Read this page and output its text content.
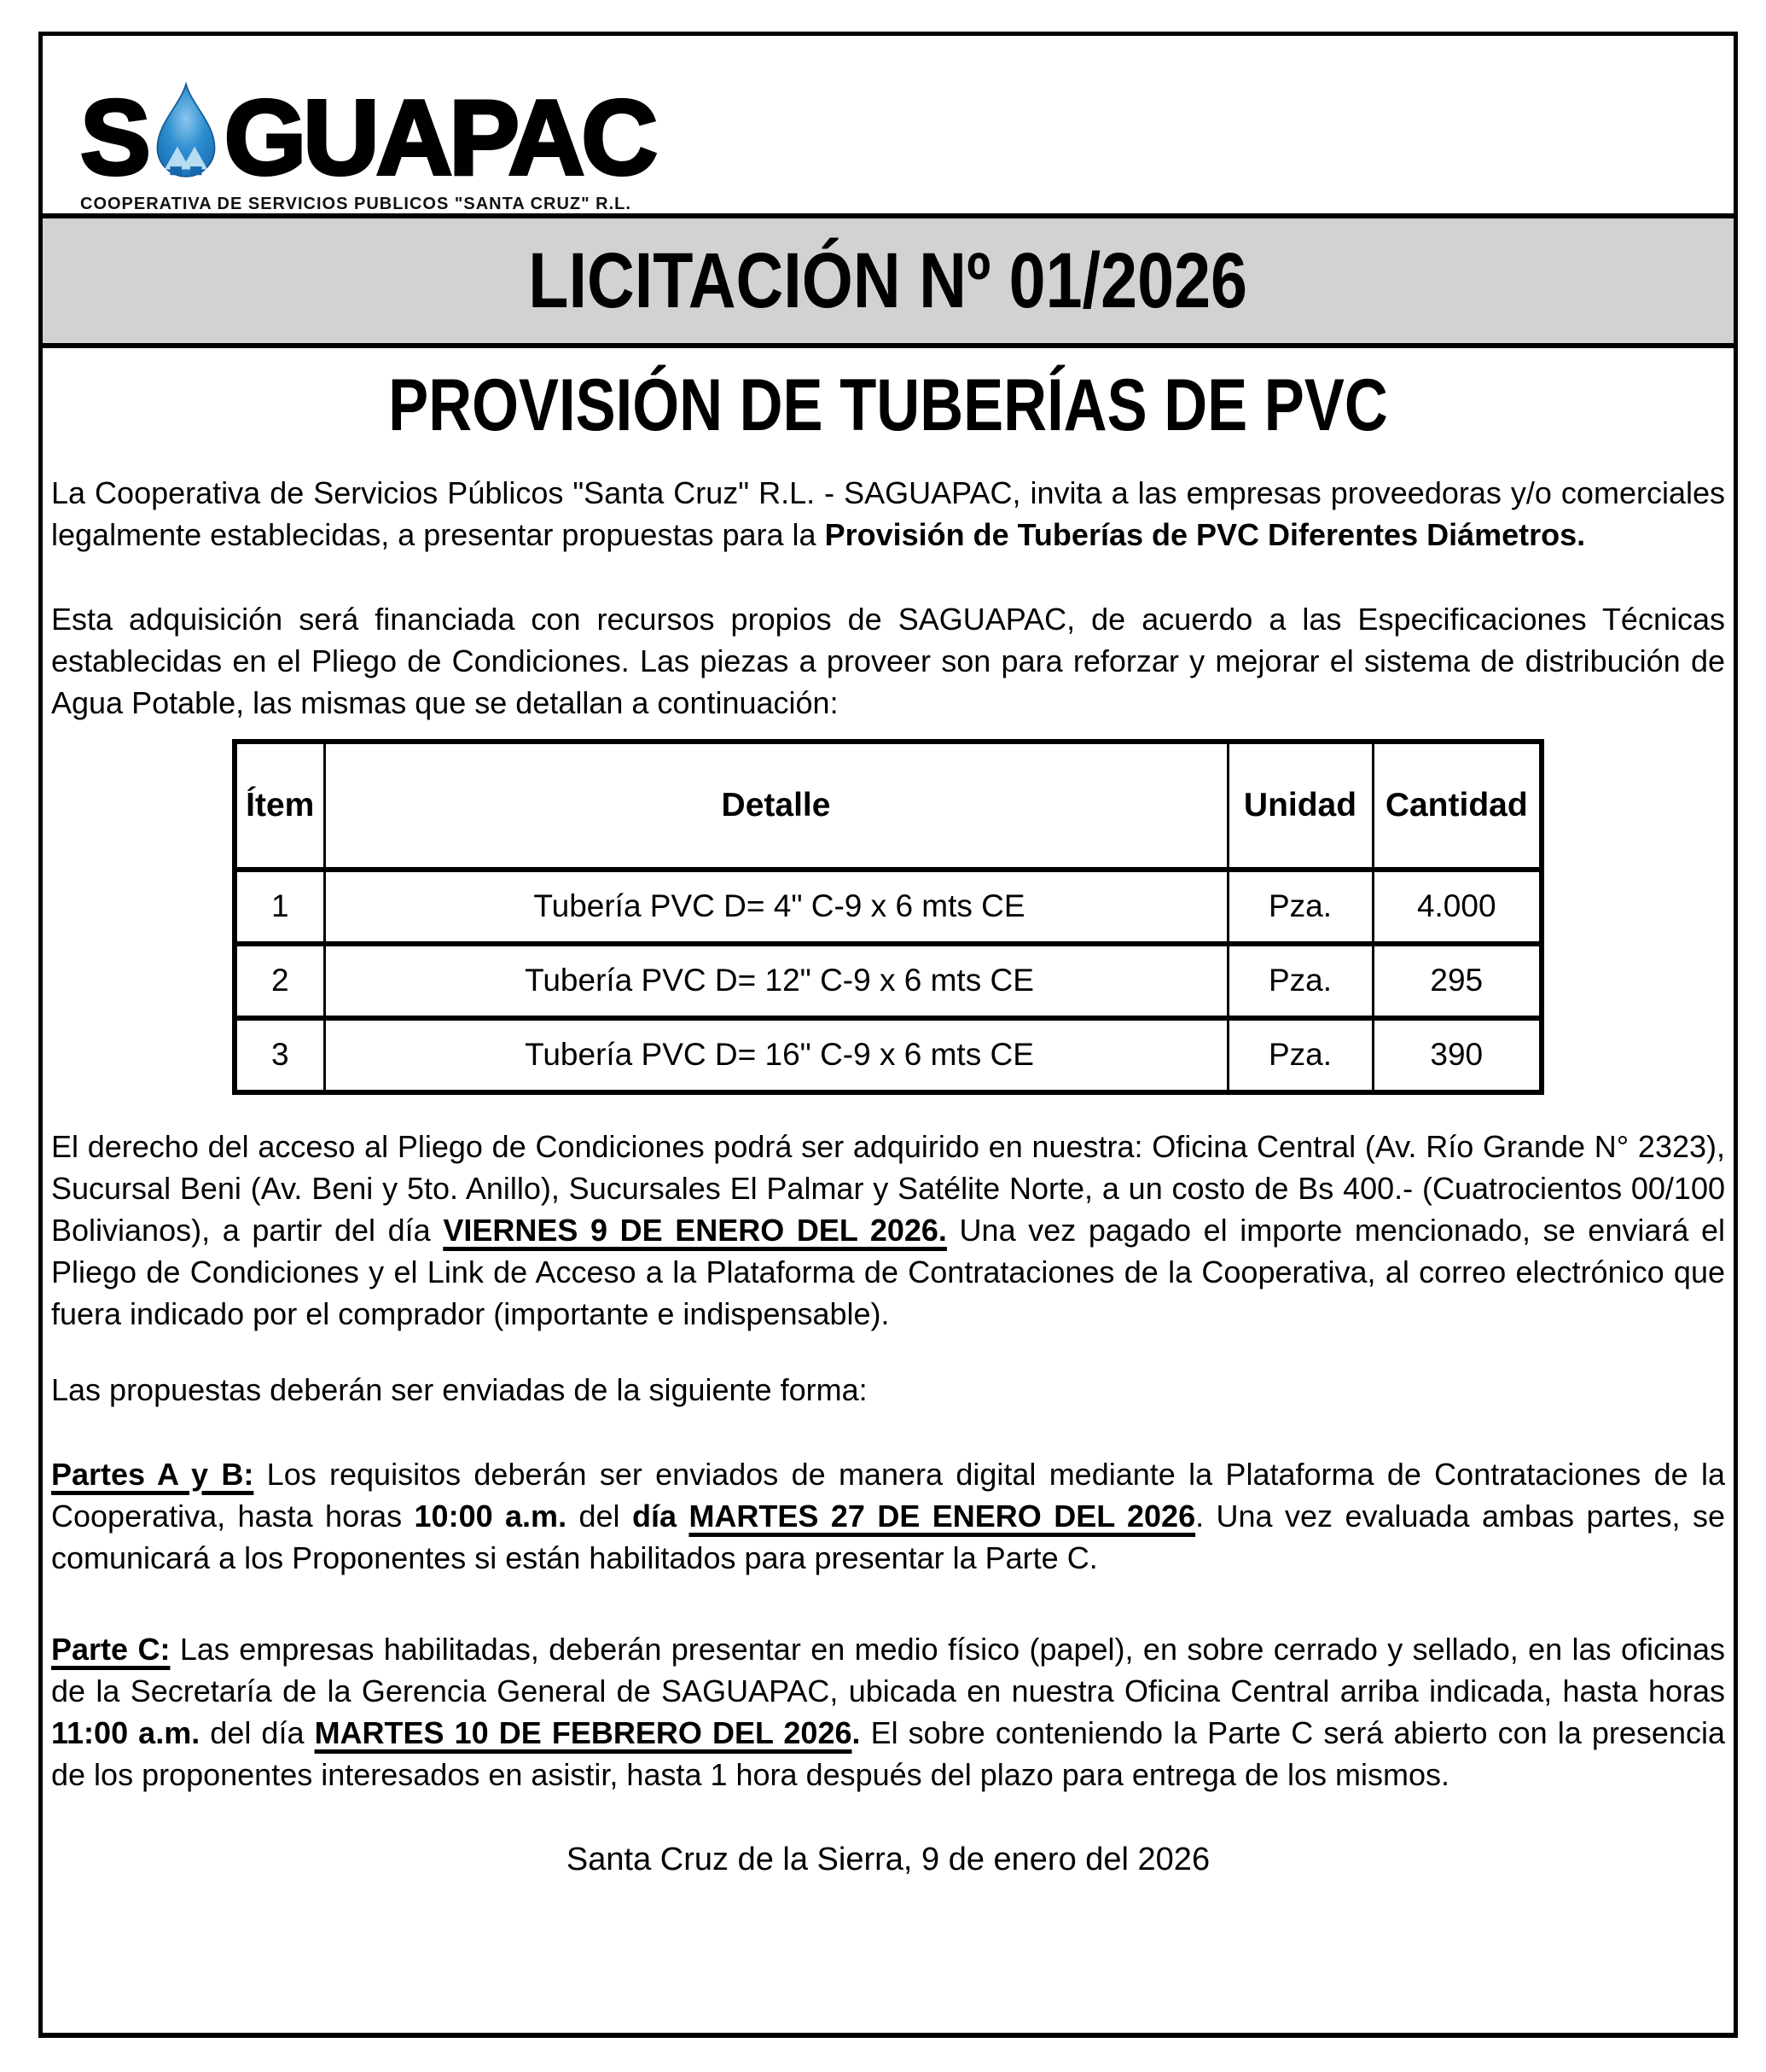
S GUAPAC
COOPERATIVA DE SERVICIOS PUBLICOS "SANTA CRUZ" R.L.
LICITACIÓN Nº 01/2026
PROVISIÓN DE TUBERÍAS DE PVC

La Cooperativa de Servicios Públicos "Santa Cruz" R.L. - SAGUAPAC, invita a las empresas proveedoras y/o comerciales legalmente establecidas, a presentar propuestas para la Provisión de Tuberías de PVC Diferentes Diámetros.

Esta adquisición será financiada con recursos propios de SAGUAPAC, de acuerdo a las Especificaciones Técnicas establecidas en el Pliego de Condiciones. Las piezas a proveer son para reforzar y mejorar el sistema de distribución de Agua Potable, las mismas que se detallan a continuación:

Ítem	Detalle	Unidad	Cantidad
1	Tubería PVC D= 4" C-9 x 6 mts CE	Pza.	4.000
2	Tubería PVC D= 12" C-9 x 6 mts CE	Pza.	295
3	Tubería PVC D= 16" C-9 x 6 mts CE	Pza.	390

El derecho del acceso al Pliego de Condiciones podrá ser adquirido en nuestra: Oficina Central (Av. Río Grande N° 2323), Sucursal Beni (Av. Beni y 5to. Anillo), Sucursales El Palmar y Satélite Norte, a un costo de Bs 400.- (Cuatrocientos 00/100 Bolivianos), a partir del día VIERNES 9 DE ENERO DEL 2026. Una vez pagado el importe mencionado, se enviará el Pliego de Condiciones y el Link de Acceso a la Plataforma de Contrataciones de la Cooperativa, al correo electrónico que fuera indicado por el comprador (importante e indispensable).

Las propuestas deberán ser enviadas de la siguiente forma:

Partes A y B: Los requisitos deberán ser enviados de manera digital mediante la Plataforma de Contrataciones de la Cooperativa, hasta horas 10:00 a.m. del día MARTES 27 DE ENERO DEL 2026. Una vez evaluada ambas partes, se comunicará a los Proponentes si están habilitados para presentar la Parte C.

Parte C: Las empresas habilitadas, deberán presentar en medio físico (papel), en sobre cerrado y sellado, en las oficinas de la Secretaría de la Gerencia General de SAGUAPAC, ubicada en nuestra Oficina Central arriba indicada, hasta horas 11:00 a.m. del día MARTES 10 DE FEBRERO DEL 2026. El sobre conteniendo la Parte C será abierto con la presencia de los proponentes interesados en asistir, hasta 1 hora después del plazo para entrega de los mismos.

Santa Cruz de la Sierra, 9 de enero del 2026
